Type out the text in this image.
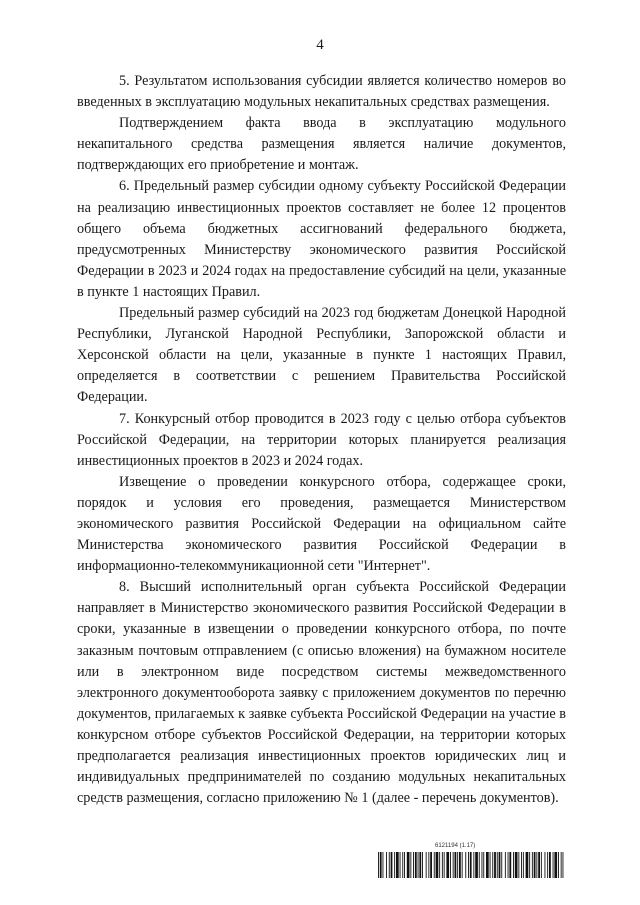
4

5. Результатом использования субсидии является количество номеров во введенных в эксплуатацию модульных некапитальных средствах размещения.

Подтверждением факта ввода в эксплуатацию модульного некапитального средства размещения является наличие документов, подтверждающих его приобретение и монтаж.

6. Предельный размер субсидии одному субъекту Российской Федерации на реализацию инвестиционных проектов составляет не более 12 процентов общего объема бюджетных ассигнований федерального бюджета, предусмотренных Министерству экономического развития Российской Федерации в 2023 и 2024 годах на предоставление субсидий на цели, указанные в пункте 1 настоящих Правил.

Предельный размер субсидий на 2023 год бюджетам Донецкой Народной Республики, Луганской Народной Республики, Запорожской области и Херсонской области на цели, указанные в пункте 1 настоящих Правил, определяется в соответствии с решением Правительства Российской Федерации.

7. Конкурсный отбор проводится в 2023 году с целью отбора субъектов Российской Федерации, на территории которых планируется реализация инвестиционных проектов в 2023 и 2024 годах.

Извещение о проведении конкурсного отбора, содержащее сроки, порядок и условия его проведения, размещается Министерством экономического развития Российской Федерации на официальном сайте Министерства экономического развития Российской Федерации в информационно-телекоммуникационной сети "Интернет".

8. Высший исполнительный орган субъекта Российской Федерации направляет в Министерство экономического развития Российской Федерации в сроки, указанные в извещении о проведении конкурсного отбора, по почте заказным почтовым отправлением (с описью вложения) на бумажном носителе или в электронном виде посредством системы межведомственного электронного документооборота заявку с приложением документов по перечню документов, прилагаемых к заявке субъекта Российской Федерации на участие в конкурсном отборе субъектов Российской Федерации, на территории которых предполагается реализация инвестиционных проектов юридических лиц и индивидуальных предпринимателей по созданию модульных некапитальных средств размещения, согласно приложению № 1 (далее - перечень документов).

6121194 (1.17)
